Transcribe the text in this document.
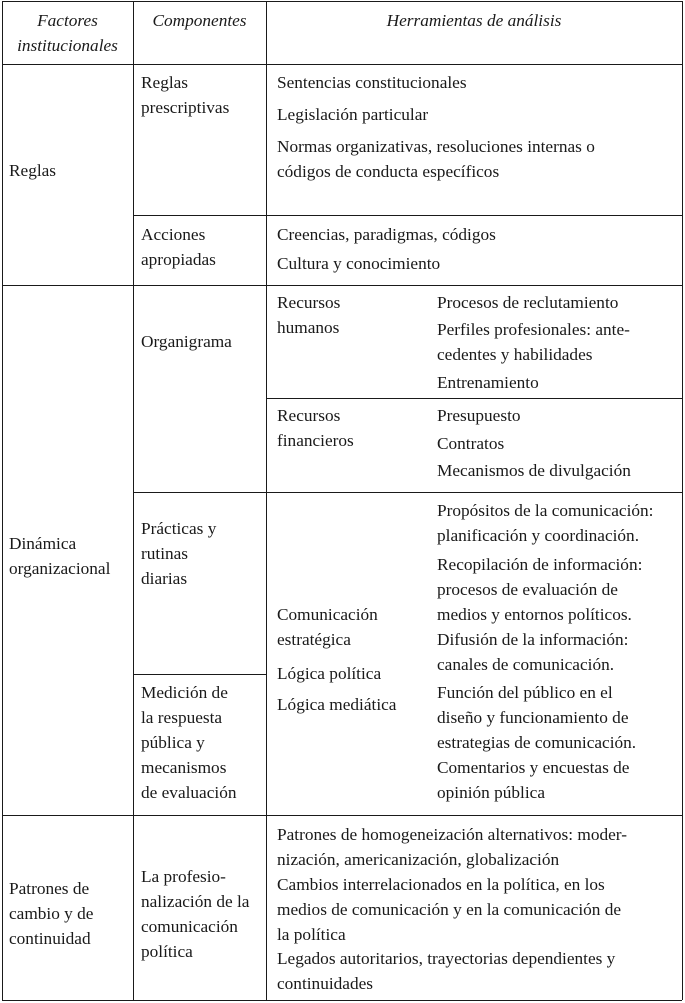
Factores
institucionales
Componentes	Herramientas de análisis
Reglas
Reglas
prescriptivas
Sentencias constitucionales
Legislación particular
Normas organizativas, resoluciones internas o
códigos de conducta específicos
Acciones
apropiadas
Creencias, paradigmas, códigos
Cultura y conocimiento
Dinámica
organizacional
Organigrama
Recursos
humanos
Procesos de reclutamiento
Perfiles profesionales: ante-
cedentes y habilidades
Entrenamiento
Recursos
financieros
Presupuesto
Contratos
Mecanismos de divulgación
Prácticas y
rutinas
diarias
Medición de
la respuesta
pública y
mecanismos
de evaluación
Comunicación
estratégica
Lógica política
Lógica mediática
Propósitos de la comunicación:
planificación y coordinación.
Recopilación de información:
procesos de evaluación de
medios y entornos políticos.
Difusión de la información:
canales de comunicación.
Función del público en el
diseño y funcionamiento de
estrategias de comunicación.
Comentarios y encuestas de
opinión pública
Patrones de
cambio y de
continuidad
La profesio-
nalización de la
comunicación
política
Patrones de homogeneización alternativos: moder-
nización, americanización, globalización
Cambios interrelacionados en la política, en los
medios de comunicación y en la comunicación de
la política
Legados autoritarios, trayectorias dependientes y
continuidades
